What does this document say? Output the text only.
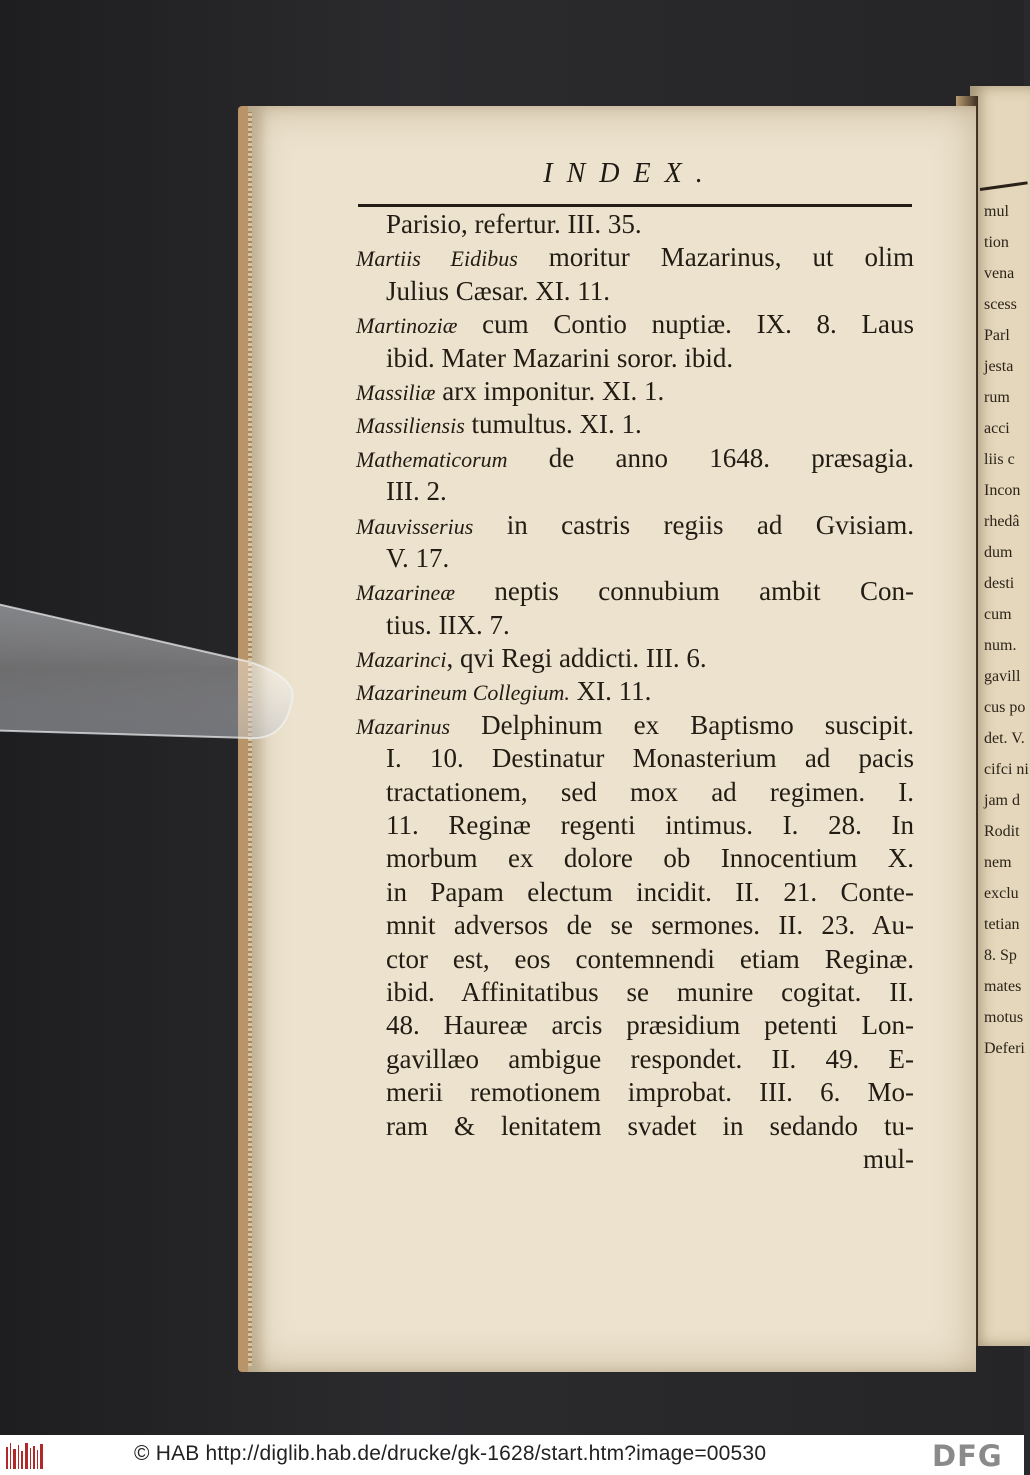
mul
tion
vena
scess
Parl
jesta
rum
acci
liis c
Incon
rhedâ
dum
desti
cum
num.
gavill
cus po
det. V.
cifci ni
jam d
Rodit
nem
exclu
tetian
8. Sp
mates
motus
Deferi
INDEX.
Parisio, refertur. III. 35.
Martiis Eidibus moritur Mazarinus, ut olim
Julius Cæsar. XI. 11.
Martinoziæ cum Contio nuptiæ. IX. 8. Laus
ibid. Mater Mazarini soror. ibid.
Massiliæ arx imponitur. XI. 1.
Massiliensis tumultus. XI. 1.
Mathematicorum de anno 1648. præsagia.
III. 2.
Mauvisserius in castris regiis ad Gvisiam.
V. 17.
Mazarineæ neptis connubium ambit Con-
tius. IIX. 7.
Mazarinci, qvi Regi addicti. III. 6.
Mazarineum Collegium. XI. 11.
Mazarinus Delphinum ex Baptismo suscipit.
I. 10. Destinatur Monasterium ad pacis
tractationem, sed mox ad regimen. I.
11. Reginæ regenti intimus. I. 28. In
morbum ex dolore ob Innocentium X.
in Papam electum incidit. II. 21. Conte-
mnit adversos de se sermones. II. 23. Au-
ctor est, eos contemnendi etiam Reginæ.
ibid. Affinitatibus se munire cogitat. II.
48. Haureæ arcis præsidium petenti Lon-
gavillæo ambigue respondet. II. 49. E-
merii remotionem improbat. III. 6. Mo-
ram & lenitatem svadet in sedando tu-
mul-
© HAB http://diglib.hab.de/drucke/gk-1628/start.htm?image=00530	DFG
